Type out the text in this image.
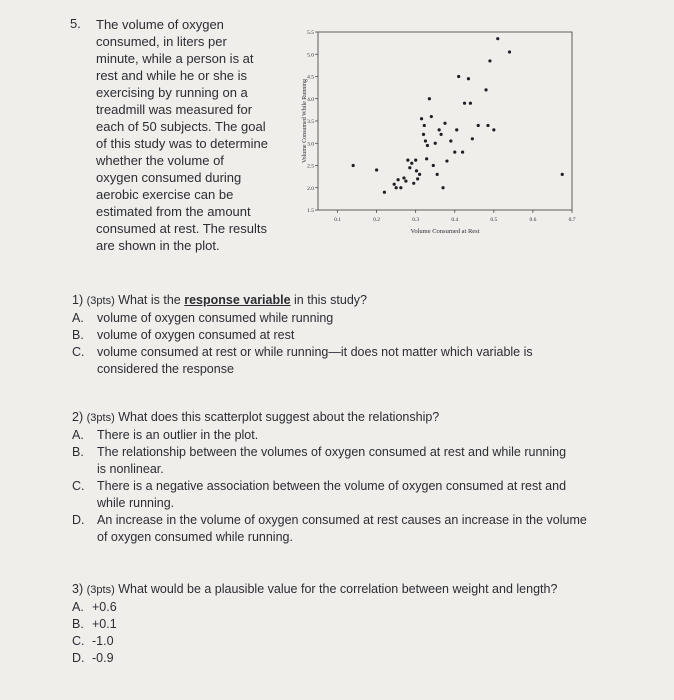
5. The volume of oxygen
consumed, in liters per
minute, while a person is at
rest and while he or she is
exercising by running on a
treadmill was measured for
each of 50 subjects. The goal
of this study was to determine
whether the volume of
oxygen consumed during
aerobic exercise can be
estimated from the amount
consumed at rest. The results
are shown in the plot.
1.5
2.0
2.5
3.0
3.5
4.0
4.5
5.0
5.5
0.1	0.2	0.3	0.4	0.5	0.6	0.7
Volume Consumed at Rest
Volume Consumed While Running
1) (3pts) What is the response variable in this study?
A. volume of oxygen consumed while running
B. volume of oxygen consumed at rest
C. volume consumed at rest or while running—it does not matter which variable is considered the response
2) (3pts) What does this scatterplot suggest about the relationship?
A. There is an outlier in the plot.
B. The relationship between the volumes of oxygen consumed at rest and while running is nonlinear.
C. There is a negative association between the volume of oxygen consumed at rest and while running.
D. An increase in the volume of oxygen consumed at rest causes an increase in the volume of oxygen consumed while running.
3) (3pts) What would be a plausible value for the correlation between weight and length?
A. +0.6
B. +0.1
C. -1.0
D. -0.9
